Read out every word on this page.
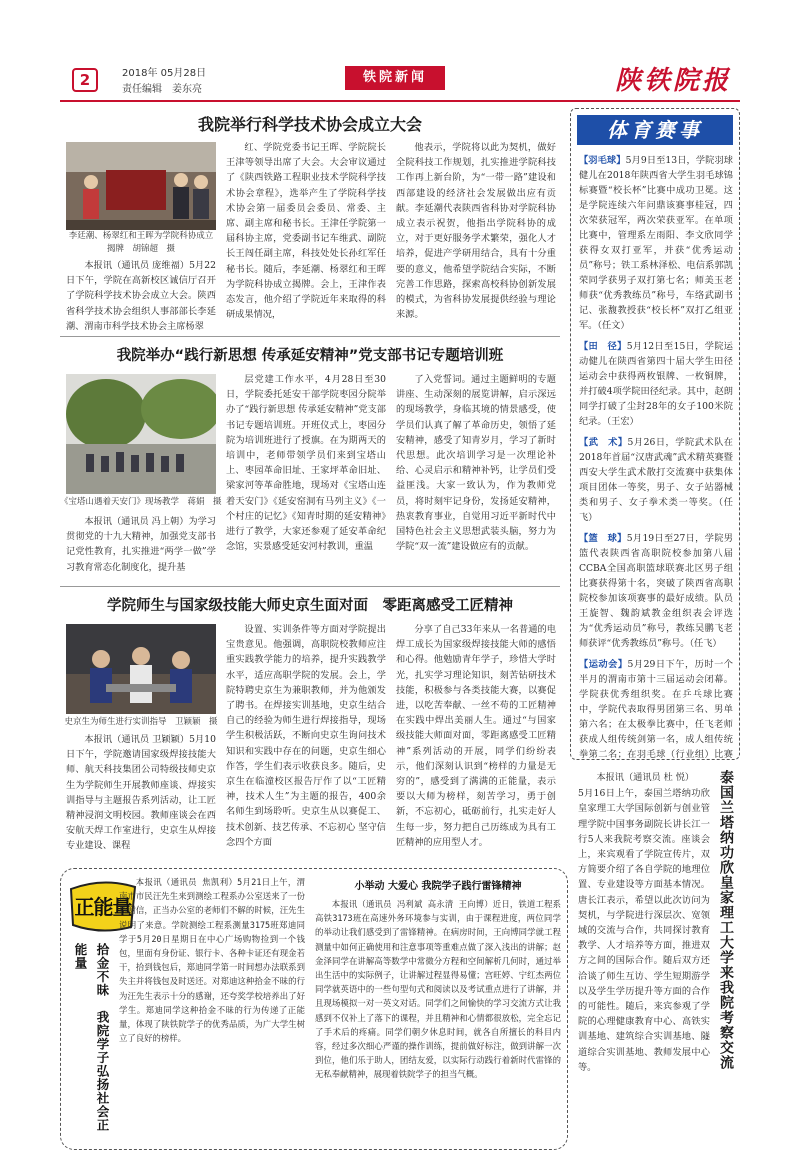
2	2018年 05月28日
责任编辑　姜东亮
铁院新闻	陕铁院报
我院举行科学技术协会成立大会
李廷潮、杨翠红和王晖为学院科协成立揭牌　胡锦超　摄

本报讯（通讯员 庞维福）5月22日下午，学院在高新校区诚信厅召开了学院科学技术协会成立大会。陕西省科学技术协会组织人事部部长李延潮、渭南市科学技术协会主席杨翠

红、学院党委书记王晖、学院院长王津等领导出席了大会。大会审议通过了《陕西铁路工程职业技术学院科学技术协会章程》，选举产生了学院科学技术协会第一届委员会委员、常委、主席、副主席和秘书长。王津任学院第一届科协主席，党委副书记车维武、副院长王闯任副主席，科技处处长孙红军任秘书长。随后，李延潮、杨翠红和王晖为学院科协成立揭牌。会上，王津作表态发言，他介绍了学院近年来取得的科研成果情况，

他表示，学院将以此为契机，做好全院科技工作规划，扎实推进学院科技工作再上新台阶，为“一带一路”建设和西部建设的经济社会发展做出应有贡献。李延潮代表陕西省科协对学院科协成立表示祝贺，他指出学院科协的成立，对于更好服务学术繁荣，强化人才培养，促进产学研用结合，具有十分重要的意义，他希望学院结合实际，不断完善工作思路，探索高校科协创新发展的模式，为省科协发展提供经验与理论来源。

我院举办“践行新思想 传承延安精神”党支部书记专题培训班
《宝塔山遇着天安门》现场教学　蒋娟　摄

本报讯（通讯员 冯上朝）为学习贯彻党的十九大精神，加强党支部书记党性教育，扎实推进“两学一做”学习教育常态化制度化，提升基

层党建工作水平，4月28日至30日，学院委托延安干部学院枣园分院举办了“践行新思想 传承延安精神”党支部书记专题培训班。开班仪式上，枣园分院为培训班进行了授旗。在为期两天的培训中，老师带领学员们来到宝塔山上、枣园革命旧址、王家坪革命旧址、梁家河等革命胜地，现场对《宝塔山连着天安门》《延安窑洞有马列主义》《一个村庄的记忆》《知青时期的延安精神》进行了教学，大家还参观了延安革命纪念馆，实景感受延安河村教训，重温

了入党誓词。通过主题鲜明的专题讲座、生动深刻的展览讲解，启示深远的现场教学，身临其境的情景感受，使学员们认真了解了革命历史，领悟了延安精神，感受了知青岁月，学习了新时代思想。此次培训学习是一次理论补给、心灵启示和精神补钙，让学员们受益匪浅。大家一致认为，作为教师党员，将时刻牢记身份，发扬延安精神，热衷教育事业，自觉用习近平新时代中国特色社会主义思想武装头脑，努力为学院“双一流”建设做应有的贡献。

学院师生与国家级技能大师史京生面对面　零距离感受工匠精神
史京生为师生进行实训指导　卫颖颖　摄

本报讯（通讯员 卫颖颖）5月10日下午，学院邀请国家级焊接技能大师、航天科技集团公司特级技师史京生为学院师生开展教师座谈、焊接实训指导与主题报告系列活动，让工匠精神浸润文明校园。教师座谈会在西安航天焊工作室进行，史京生从焊接专业建设、课程

设置、实训条件等方面对学院提出宝贵意见。他强调，高职院校教师应注重实践教学能力的培养，提升实践教学水平，适应高职学院的发展。会上，学院特聘史京生为兼职教师，并为他颁发了聘书。在焊接实训基地，史京生结合自己的经验为师生进行焊接指导，现场学生积极活跃，不断向史京生询问技术知识和实践中存在的问题，史京生细心作答，学生们表示收获良多。随后，史京生在临潼校区报告厅作了以“工匠精神，技术人生”为主题的报告，400余名师生到场聆听。史京生从以赛促工、技术创新、技艺传承、不忘初心 坚守信念四个方面

分享了自己33年来从一名普通的电焊工成长为国家级焊接技能大师的感悟和心得。他勉励青年学子，珍惜大学时光，扎实学习理论知识，刻苦钻研技术技能，积极参与各类技能大赛，以赛促进，以吃苦奉献、一丝不苟的工匠精神在实践中焊出美丽人生。通过“与国家级技能大师面对面，零距离感受工匠精神”系列活动的开展，同学们纷纷表示，他们深刻认识到“榜样的力量是无穷的”，感受到了满满的正能量，表示要以大师为榜样，刻苦学习，勇于创新，不忘初心，砥砺前行，扎实走好人生每一步，努力把自己历练成为具有工匠精神的应用型人才。

体育赛事
【羽毛球】5月9日至13日，学院羽球健儿在2018年陕西省大学生羽毛球锦标赛暨“校长杯”比赛中成功卫冕。这是学院连续六年问鼎该赛事桂冠，四次荣获冠军，两次荣获亚军。在单项比赛中，管理系左雨阳、李文欣同学获得女双打亚军，并获“优秀运动员”称号；铁工系林泽松、电信系郭凯荣同学获男子双打第七名；师美玉老师获“优秀教练员”称号，车络武副书记、张馥教授获“校长杯”双打乙组亚军。（任文）
【田　径】5月12日至15日，学院运动健儿在陕西省第四十届大学生田径运动会中获得两枚银牌、一枚铜牌，并打破4项学院田径纪录。其中，赵朗同学打破了尘封28年的女子100米院纪录。（王宏）
【武　术】5月26日，学院武术队在2018年首届“汉唐武魂”武术精英赛暨西安大学生武术散打交流赛中获集体项目团体一等奖，男子、女子站器械类和男子、女子拳术类一等奖。（任飞）
【篮　球】5月19日至27日，学院男篮代表陕西省高职院校参加第八届CCBA全国高职篮球联赛北区男子组比赛获得第十名，突破了陕西省高职院校参加该项赛事的最好成绩。队员王旋智、魏韵斌教金组织表会评选为“优秀运动员”称号，教练吴鹏飞老师获评“优秀教练员”称号。（任飞）
【运动会】5月29日下午，历时一个半月的渭南市第十三届运动会闭幕。学院获优秀组织奖。在乒乓球比赛中，学院代表取得男团第三名、男单第六名；在太极拳比赛中，任飞老师获成人组传统剑第一名，成人组传统拳第二名；在羽毛球（行业组）比赛
泰国兰塔纳功欣皇家理工大学来我院考察交流

本报讯（通讯员 杜 悦）

5月16日上午，泰国兰塔纳功欣皇家理工大学国际创新与创业管理学院中国事务副院长讲长江一行5人来我院考察交流。座谈会上，来宾观看了学院宣传片，双方简要介绍了各自学院的地理位置、专业建设等方面基本情况。唐长江表示，希望以此次访问为契机，与学院进行深层次、宽领域的交流与合作，共同探讨教育教学、人才培养等方面，推进双方之间的国际合作。随后双方还洽谈了师生互访、学生短期游学以及学生学历提升等方面的合作的可能性。随后，来宾参观了学院的心理健康教育中心、高铁实训基地、建筑综合实训基地、隧道综合实训基地、教师发展中心等。

正能量
拾金不昧　我院学子弘扬社会正能量

本报讯（通讯员 焦凯利）5月21日上午，渭南市市民汪先生来到测绘工程系办公室送来了一份感谢信，正当办公室的老师们不解的时候，汪先生说明了来意。学院测绘工程系测量3175班郑迪同学于5月20日星期日在中心广场购物捡到一个钱包，里面有身份证、银行卡、各种卡证还有现金若干，拾到钱包后，郑迪同学第一时间想办法联系到失主并将钱包及时送还。对郑迪这种拾金不昧的行为汪先生表示十分的感谢，还夸奖学校培养出了好学生。郑迪同学这种拾金不昧的行为传递了正能量，体现了陕铁院学子的优秀品质，为广大学生树立了良好的榜样。

小举动 大爱心 我院学子践行雷锋精神

本报讯（通讯员 冯利斌 高永清 王向博）近日，铁道工程系高铁3173班在高速外务环境参与实训，由于课程进度，两位同学的举动让我们感受到了雷锋精神。在病房时间，王向博同学就工程测量中如何正确使用和注意事项等重难点做了深入浅出的讲解；赵金泽同学在讲解高等数学中常微分方程和空间解析几何时，通过举出生活中的实际例子，让讲解过程显得易懂；宫旺婷、宁红杰两位同学就英语中的一些句型句式和阅读以及考试重点进行了讲解，并且现场模拟一对一英文对话。同学们之间愉快的学习交流方式让我感到不仅补上了落下的课程，并且精神和心情都很放松，完全忘记了手术后的疼痛。同学们朝夕休息时间，就各自所擅长的科目内容，经过多次细心严谨的操作训练，提前做好标注，做到讲解一次到位，他们乐于助人，团结友爱，以实际行动践行着新时代雷锋的无私奉献精神，展现着铁院学子的担当气概。
